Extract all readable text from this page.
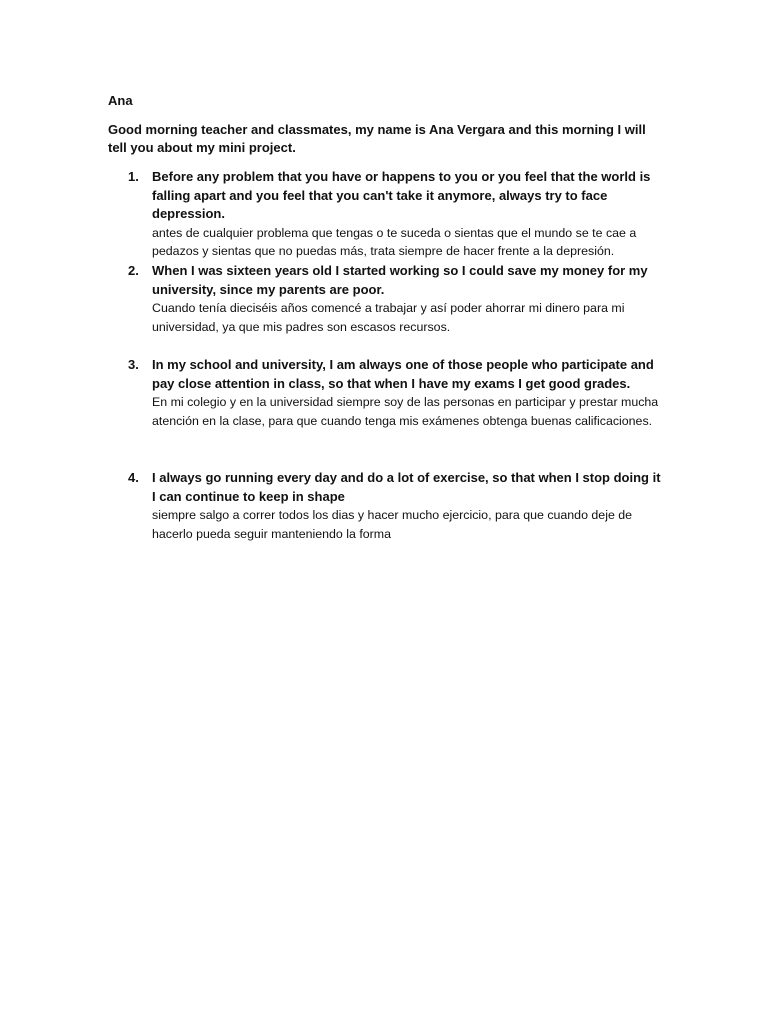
Ana
Good morning teacher and classmates, my name is Ana Vergara and this morning I will tell you about my mini project.
1. Before any problem that you have or happens to you or you feel that the world is falling apart and you feel that you can't take it anymore, always try to face depression.
antes de cualquier problema que tengas o te suceda o sientas que el mundo se te cae a pedazos y sientas que no puedas más, trata siempre de hacer frente a la depresión.
2. When I was sixteen years old I started working so I could save my money for my university, since my parents are poor.
Cuando tenía dieciséis años comencé a trabajar y así poder ahorrar mi dinero para mi universidad, ya que mis padres son escasos recursos.
3. In my school and university, I am always one of those people who participate and pay close attention in class, so that when I have my exams I get good grades.
En mi colegio y en la universidad siempre soy de las personas en participar y prestar mucha atención en la clase, para que cuando tenga mis exámenes obtenga buenas calificaciones.
4. I always go running every day and do a lot of exercise, so that when I stop doing it I can continue to keep in shape
siempre salgo a correr todos los dias y hacer mucho ejercicio, para que cuando deje de hacerlo pueda seguir manteniendo la forma
